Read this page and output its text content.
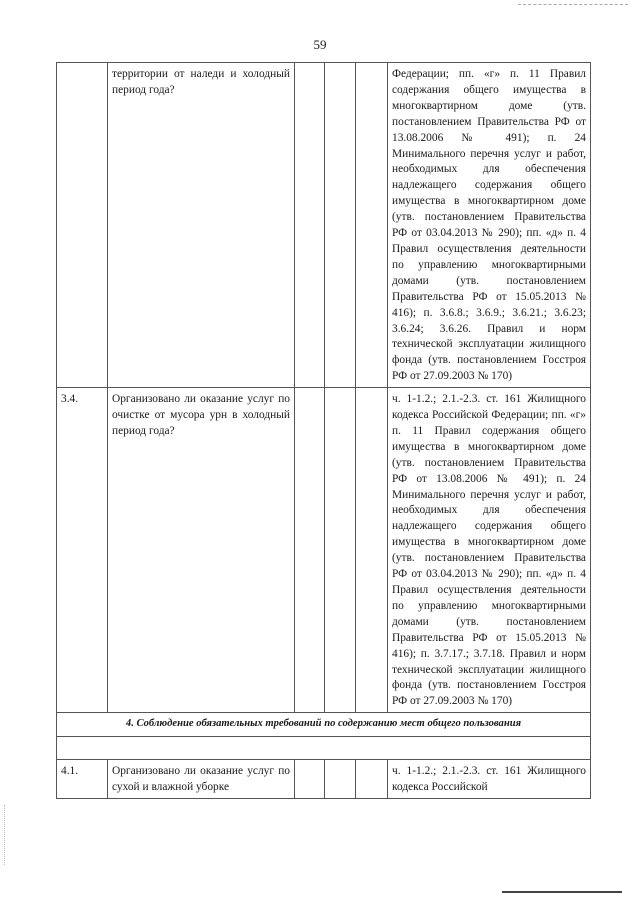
59
	территории от наледи и холодный период года?				Федерации; пп. «г» п. 11 Правил содержания общего имущества в многоквартирном доме (утв. постановлением Правительства РФ от 13.08.2006 № 491); п. 24 Минимального перечня услуг и работ, необходимых для обеспечения надлежащего содержания общего имущества в многоквартирном доме (утв. постановлением Правительства РФ от 03.04.2013 № 290); пп. «д» п. 4 Правил осуществления деятельности по управлению многоквартирными домами (утв. постановлением Правительства РФ от 15.05.2013 № 416); п. 3.6.8.; 3.6.9.; 3.6.21.; 3.6.23; 3.6.24; 3.6.26. Правил и норм технической эксплуатации жилищного фонда (утв. постановлением Госстроя РФ от 27.09.2003 № 170)
3.4.	Организовано ли оказание услуг по очистке от мусора урн в холодный период года?				ч. 1-1.2.; 2.1.-2.3. ст. 161 Жилищного кодекса Российской Федерации; пп. «г» п. 11 Правил содержания общего имущества в многоквартирном доме (утв. постановлением Правительства РФ от 13.08.2006 № 491); п. 24 Минимального перечня услуг и работ, необходимых для обеспечения надлежащего содержания общего имущества в многоквартирном доме (утв. постановлением Правительства РФ от 03.04.2013 № 290); пп. «д» п. 4 Правил осуществления деятельности по управлению многоквартирными домами (утв. постановлением Правительства РФ от 15.05.2013 № 416); п. 3.7.17.; 3.7.18. Правил и норм технической эксплуатации жилищного фонда (утв. постановлением Госстроя РФ от 27.09.2003 № 170)
4. Соблюдение обязательных требований по содержанию мест общего пользования					

4.1.	Организовано ли оказание услуг по сухой и влажной уборке				ч. 1-1.2.; 2.1.-2.3. ст. 161 Жилищного кодекса Российской
